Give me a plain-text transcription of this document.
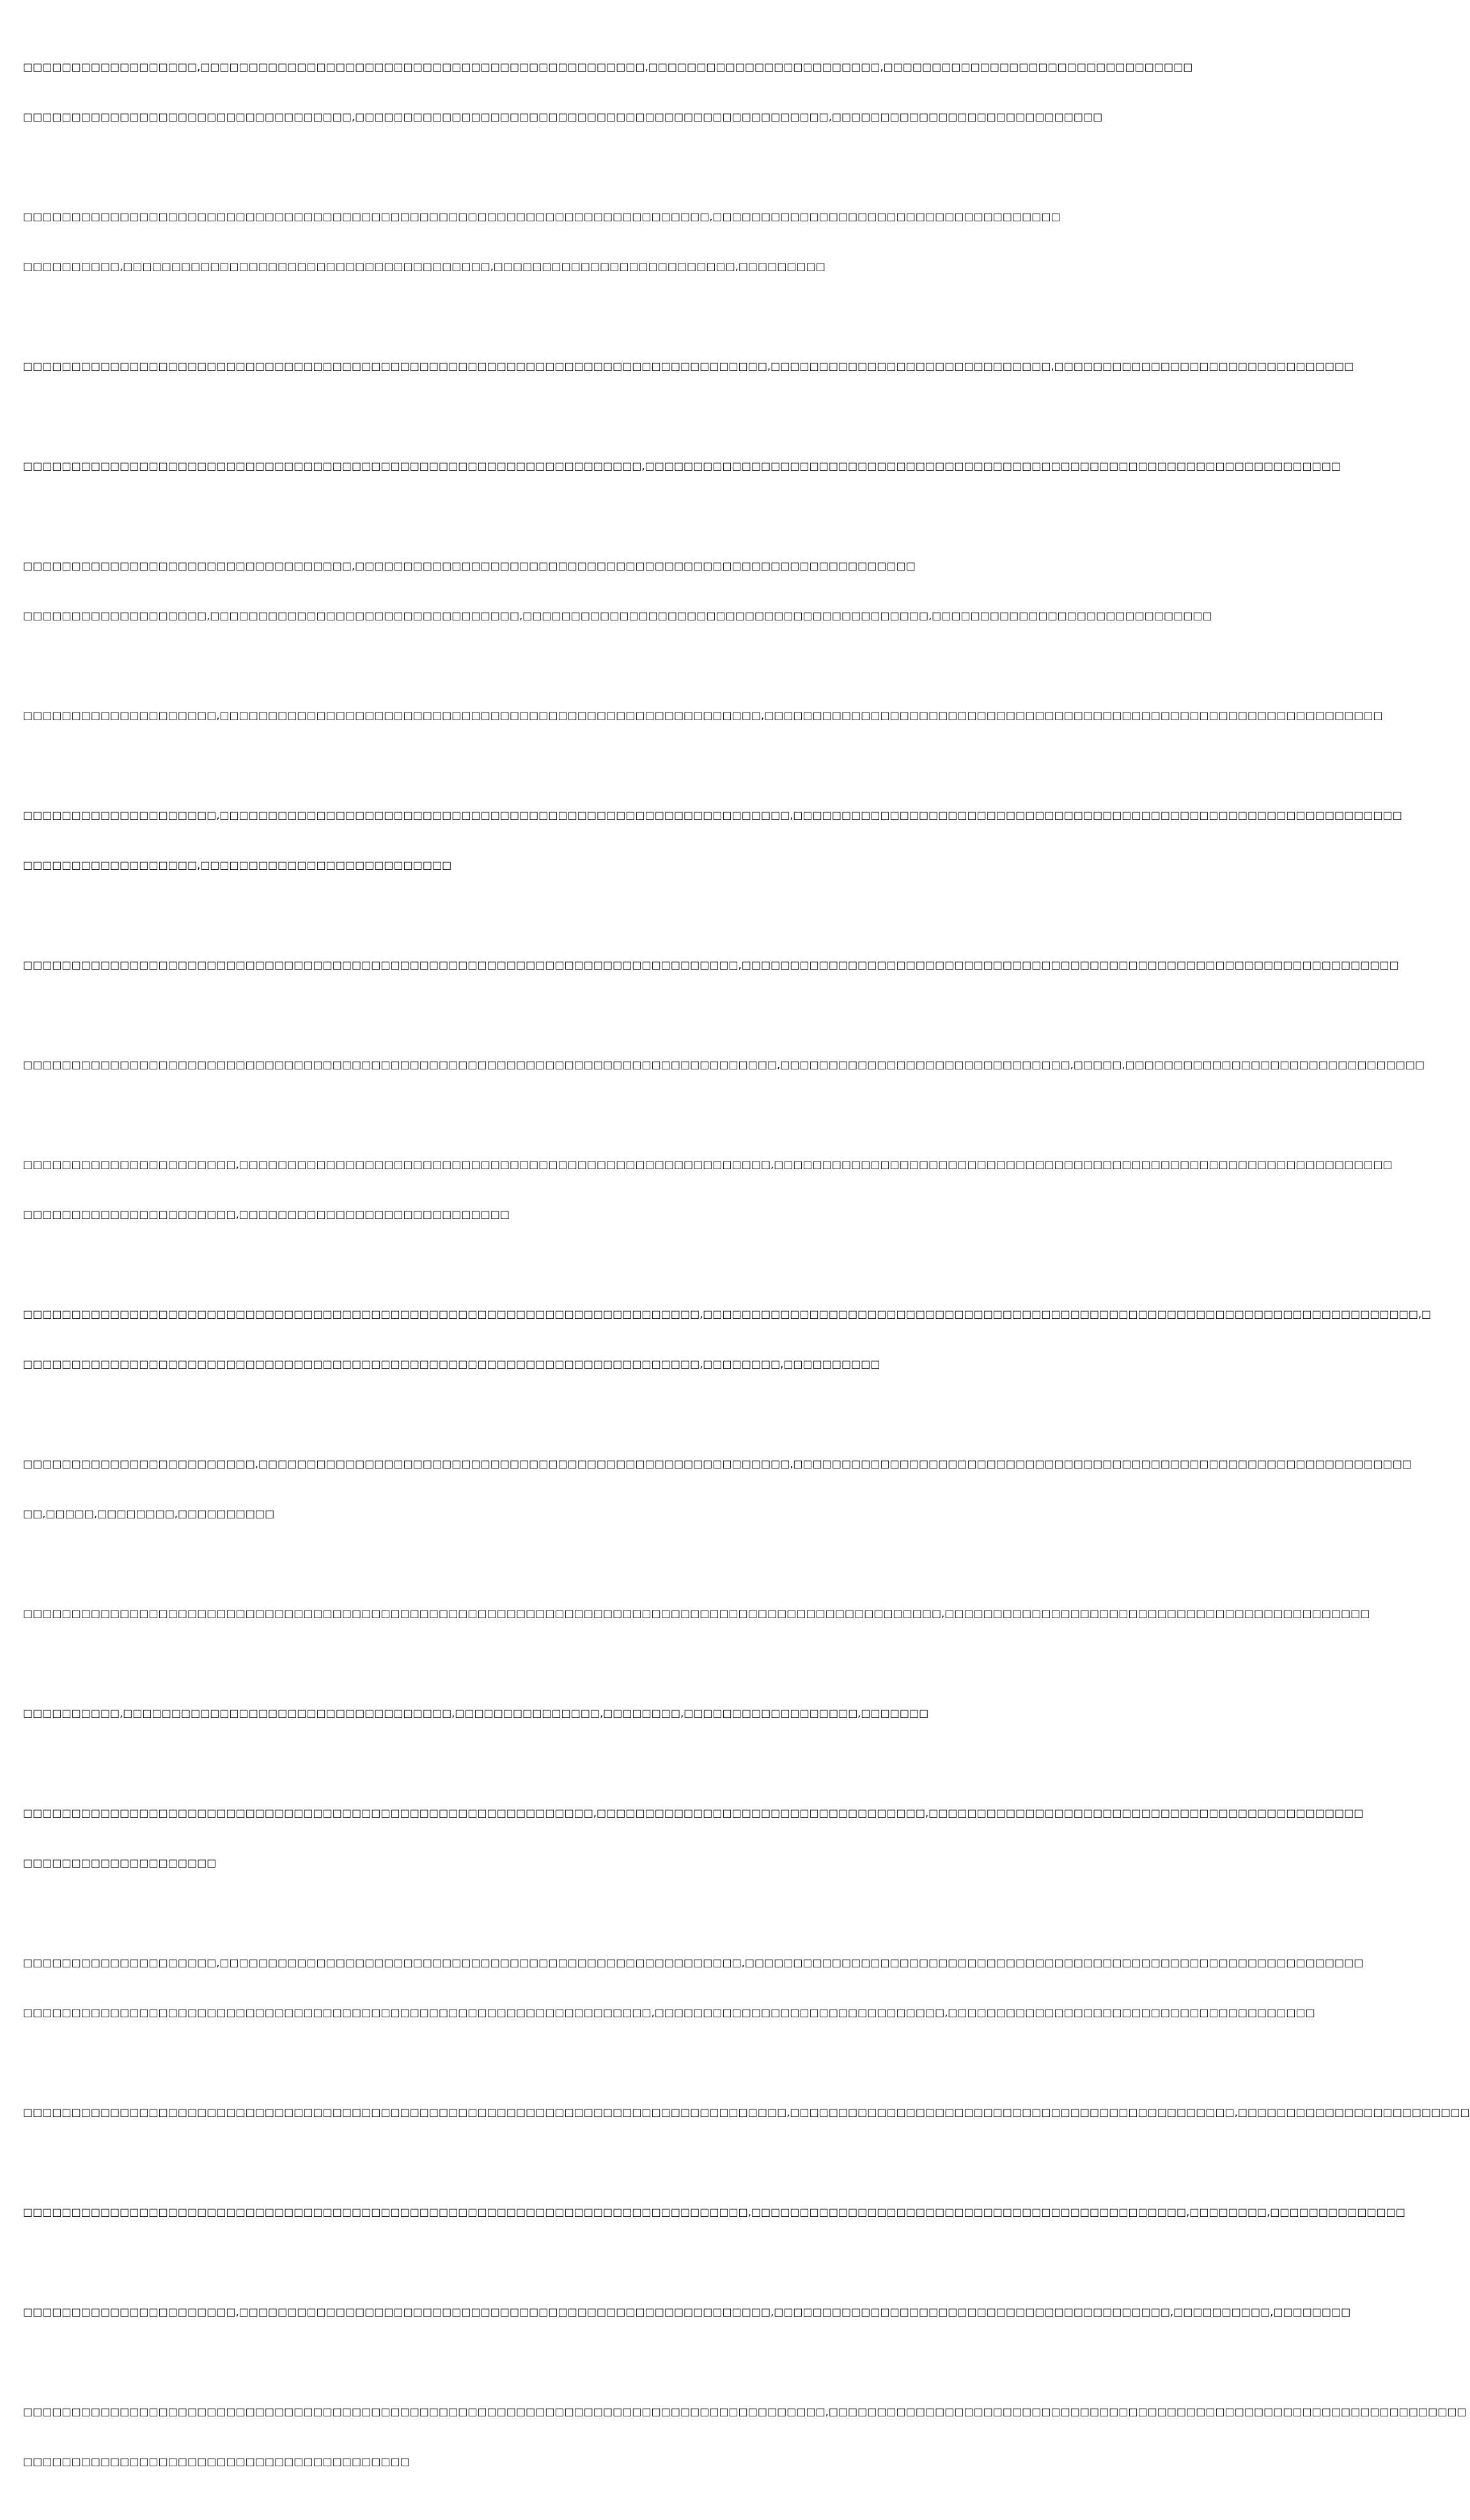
□□□□□□□□□□□□□□□□□□,□□□□□□□□□□□□□□□□□□□□□□□□□□□□□□□□□□□□□□□□□□□□□□,□□□□□□□□□□□□□□□□□□□□□□□□,□□□□□□□□□□□□□□□□□□□□□□□□□□□□□□□□

□□□□□□□□□□□□□□□□□□□□□□□□□□□□□□□□□□,□□□□□□□□□□□□□□□□□□□□□□□□□□□□□□□□□□□□□□□□□□□□□□□□□,□□□□□□□□□□□□□□□□□□□□□□□□□□□□

□□□□□□□□□□□□□□□□□□□□□□□□□□□□□□□□□□□□□□□□□□□□□□□□□□□□□□□□□□□□□□□□□□□□□□□,□□□□□□□□□□□□□□□□□□□□□□□□□□□□□□□□□□□□

□□□□□□□□□□,□□□□□□□□□□□□□□□□□□□□□□□□□□□□□□□□□□□□□□,□□□□□□□□□□□□□□□□□□□□□□□□□,□□□□□□□□□

□□□□□□□□□□□□□□□□□□□□□□□□□□□□□□□□□□□□□□□□□□□□□□□□□□□□□□□□□□□□□□□□□□□□□□□□□□□□□,□□□□□□□□□□□□□□□□□□□□□□□□□□□□□,□□□□□□□□□□□□□□□□□□□□□□□□□□□□□□□

□□□□□□□□□□□□□□□□□□□□□□□□□□□□□□□□□□□□□□□□□□□□□□□□□□□□□□□□□□□□□□□□,□□□□□□□□□□□□□□□□□□□□□□□□□□□□□□□□□□□□□□□□□□□□□□□□□□□□□□□□□□□□□□□□□□□□□□□□

□□□□□□□□□□□□□□□□□□□□□□□□□□□□□□□□□□,□□□□□□□□□□□□□□□□□□□□□□□□□□□□□□□□□□□□□□□□□□□□□□□□□□□□□□□□□□

□□□□□□□□□□□□□□□□□□□,□□□□□□□□□□□□□□□□□□□□□□□□□□□□□□□□,□□□□□□□□□□□□□□□□□□□□□□□□□□□□□□□□□□□□□□□□□□,□□□□□□□□□□□□□□□□□□□□□□□□□□□□□

□□□□□□□□□□□□□□□□□□□□,□□□□□□□□□□□□□□□□□□□□□□□□□□□□□□□□□□□□□□□□□□□□□□□□□□□□□□□□,□□□□□□□□□□□□□□□□□□□□□□□□□□□□□□□□□□□□□□□□□□□□□□□□□□□□□□□□□□□□□□□□

□□□□□□□□□□□□□□□□□□□□,□□□□□□□□□□□□□□□□□□□□□□□□□□□□□□□□□□□□□□□□□□□□□□□□□□□□□□□□□□□,□□□□□□□□□□□□□□□□□□□□□□□□□□□□□□□□□□□□□□□□□□□□□□□□□□□□□□□□□□□□□□□

□□□□□□□□□□□□□□□□□□,□□□□□□□□□□□□□□□□□□□□□□□□□□

□□□□□□□□□□□□□□□□□□□□□□□□□□□□□□□□□□□□□□□□□□□□□□□□□□□□□□□□□□□□□□□□□□□□□□□□□□,□□□□□□□□□□□□□□□□□□□□□□□□□□□□□□□□□□□□□□□□□□□□□□□□□□□□□□□□□□□□□□□□□□□□

□□□□□□□□□□□□□□□□□□□□□□□□□□□□□□□□□□□□□□□□□□□□□□□□□□□□□□□□□□□□□□□□□□□□□□□□□□□□□□,□□□□□□□□□□□□□□□□□□□□□□□□□□□□□□,□□□□□,□□□□□□□□□□□□□□□□□□□□□□□□□□□□□□□

□□□□□□□□□□□□□□□□□□□□□□,□□□□□□□□□□□□□□□□□□□□□□□□□□□□□□□□□□□□□□□□□□□□□□□□□□□□□□□,□□□□□□□□□□□□□□□□□□□□□□□□□□□□□□□□□□□□□□□□□□□□□□□□□□□□□□□□□□□□□□□□

□□□□□□□□□□□□□□□□□□□□□□,□□□□□□□□□□□□□□□□□□□□□□□□□□□□

□□□□□□□□□□□□□□□□□□□□□□□□□□□□□□□□□□□□□□□□□□□□□□□□□□□□□□□□□□□□□□□□□□□□□□,□□□□□□□□□□□□□□□□□□□□□□□□□□□□□□□□□□□□□□□□□□□□□□□□□□□□□□□□□□□□□□□□□□□□□□□□□□,□

□□□□□□□□□□□□□□□□□□□□□□□□□□□□□□□□□□□□□□□□□□□□□□□□□□□□□□□□□□□□□□□□□□□□□□,□□□□□□□□,□□□□□□□□□□

□□□□□□□□□□□□□□□□□□□□□□□□,□□□□□□□□□□□□□□□□□□□□□□□□□□□□□□□□□□□□□□□□□□□□□□□□□□□□□□□,□□□□□□□□□□□□□□□□□□□□□□□□□□□□□□□□□□□□□□□□□□□□□□□□□□□□□□□□□□□□□□□□

□□,□□□□□,□□□□□□□□,□□□□□□□□□□

□□□□□□□□□□□□□□□□□□□□□□□□□□□□□□□□□□□□□□□□□□□□□□□□□□□□□□□□□□□□□□□□□□□□□□□□□□□□□□□□□□□□□□□□□□□□□□□,□□□□□□□□□□□□□□□□□□□□□□□□□□□□□□□□□□□□□□□□□□□□

□□□□□□□□□□,□□□□□□□□□□□□□□□□□□□□□□□□□□□□□□□□□□,□□□□□□□□□□□□□□□,□□□□□□□□,□□□□□□□□□□□□□□□□□□,□□□□□□□

□□□□□□□□□□□□□□□□□□□□□□□□□□□□□□□□□□□□□□□□□□□□□□□□□□□□□□□□□□□,□□□□□□□□□□□□□□□□□□□□□□□□□□□□□□□□□□,□□□□□□□□□□□□□□□□□□□□□□□□□□□□□□□□□□□□□□□□□□□□□

□□□□□□□□□□□□□□□□□□□□

□□□□□□□□□□□□□□□□□□□□,□□□□□□□□□□□□□□□□□□□□□□□□□□□□□□□□□□□□□□□□□□□□□□□□□□□□□□,□□□□□□□□□□□□□□□□□□□□□□□□□□□□□□□□□□□□□□□□□□□□□□□□□□□□□□□□□□□□□□□□

□□□□□□□□□□□□□□□□□□□□□□□□□□□□□□□□□□□□□□□□□□□□□□□□□□□□□□□□□□□□□□□□□,□□□□□□□□□□□□□□□□□□□□□□□□□□□□□□,□□□□□□□□□□□□□□□□□□□□□□□□□□□□□□□□□□□□□□

□□□□□□□□□□□□□□□□□□□□□□□□□□□□□□□□□□□□□□□□□□□□□□□□□□□□□□□□□□□□□□□□□□□□□□□□□□□□□□□,□□□□□□□□□□□□□□□□□□□□□□□□□□□□□□□□□□□□□□□□□□□□□□,□□□□□□□□□□□□□□□□□□□□□□□□

□□□□□□□□□□□□□□□□□□□□□□□□□□□□□□□□□□□□□□□□□□□□□□□□□□□□□□□□□□□□□□□□□□□□□□□□□□□,□□□□□□□□□□□□□□□□□□□□□□□□□□□□□□□□□□□□□□□□□□□□□,□□□□□□□□,□□□□□□□□□□□□□□

□□□□□□□□□□□□□□□□□□□□□□,□□□□□□□□□□□□□□□□□□□□□□□□□□□□□□□□□□□□□□□□□□□□□□□□□□□□□□□,□□□□□□□□□□□□□□□□□□□□□□□□□□□□□□□□□□□□□□□□□,□□□□□□□□□□,□□□□□□□□

□□□□□□□□□□□□□□□□□□□□□□□□□□□□□□□□□□□□□□□□□□□□□□□□□□□□□□□□□□□□□□□□□□□□□□□□□□□□□□□□□□□,□□□□□□□□□□□□□□□□□□□□□□□□□□□□□□□□□□□□□□□□□□□□□□□□□□□□□□□□□□□□□□□□□□

□□□□□□□□□□□□□□□□□□□□□□□□□□□□□□□□□□□□□□□□
